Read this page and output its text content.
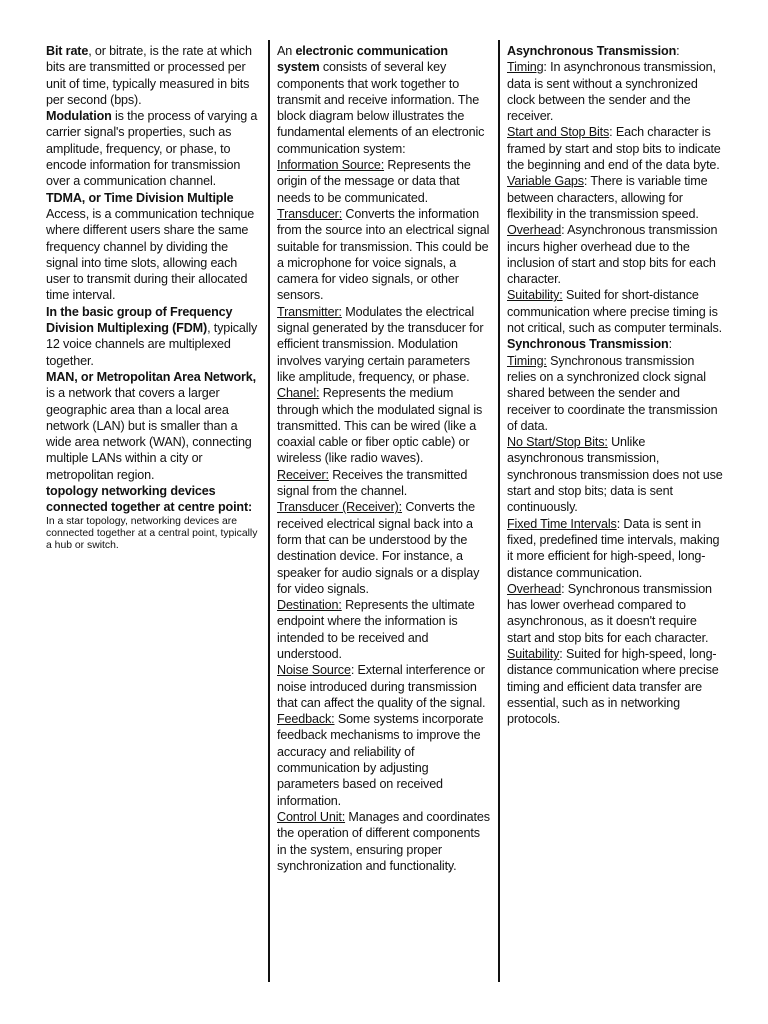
Bit rate, or bitrate, is the rate at which bits are transmitted or processed per unit of time, typically measured in bits per second (bps).

Modulation is the process of varying a carrier signal's properties, such as amplitude, frequency, or phase, to encode information for transmission over a communication channel.

TDMA, or Time Division Multiple Access, is a communication technique where different users share the same frequency channel by dividing the signal into time slots, allowing each user to transmit during their allocated time interval.

In the basic group of Frequency Division Multiplexing (FDM), typically 12 voice channels are multiplexed together.

MAN, or Metropolitan Area Network, is a network that covers a larger geographic area than a local area network (LAN) but is smaller than a wide area network (WAN), connecting multiple LANs within a city or metropolitan region.

topology networking devices connected together at centre point:

In a star topology, networking devices are connected together at a central point, typically a hub or switch.

An electronic communication system consists of several key components that work together to transmit and receive information. The block diagram below illustrates the fundamental elements of an electronic communication system:

Information Source: Represents the origin of the message or data that needs to be communicated.

Transducer: Converts the information from the source into an electrical signal suitable for transmission. This could be a microphone for voice signals, a camera for video signals, or other sensors.

Transmitter: Modulates the electrical signal generated by the transducer for efficient transmission. Modulation involves varying certain parameters like amplitude, frequency, or phase.

Chanel: Represents the medium through which the modulated signal is transmitted. This can be wired (like a coaxial cable or fiber optic cable) or wireless (like radio waves).

Receiver: Receives the transmitted signal from the channel.

Transducer (Receiver): Converts the received electrical signal back into a form that can be understood by the destination device. For instance, a speaker for audio signals or a display for video signals.

Destination: Represents the ultimate endpoint where the information is intended to be received and understood.

Noise Source: External interference or noise introduced during transmission that can affect the quality of the signal.

Feedback: Some systems incorporate feedback mechanisms to improve the accuracy and reliability of communication by adjusting parameters based on received information.

Control Unit: Manages and coordinates the operation of different components in the system, ensuring proper synchronization and functionality.

Asynchronous Transmission:

Timing: In asynchronous transmission, data is sent without a synchronized clock between the sender and the receiver.

Start and Stop Bits: Each character is framed by start and stop bits to indicate the beginning and end of the data byte.

Variable Gaps: There is variable time between characters, allowing for flexibility in the transmission speed.

Overhead: Asynchronous transmission incurs higher overhead due to the inclusion of start and stop bits for each character.

Suitability: Suited for short-distance communication where precise timing is not critical, such as computer terminals.

Synchronous Transmission:

Timing: Synchronous transmission relies on a synchronized clock signal shared between the sender and receiver to coordinate the transmission of data.

No Start/Stop Bits: Unlike asynchronous transmission, synchronous transmission does not use start and stop bits; data is sent continuously.

Fixed Time Intervals: Data is sent in fixed, predefined time intervals, making it more efficient for high-speed, long-distance communication.

Overhead: Synchronous transmission has lower overhead compared to asynchronous, as it doesn't require start and stop bits for each character.

Suitability: Suited for high-speed, long-distance communication where precise timing and efficient data transfer are essential, such as in networking protocols.
